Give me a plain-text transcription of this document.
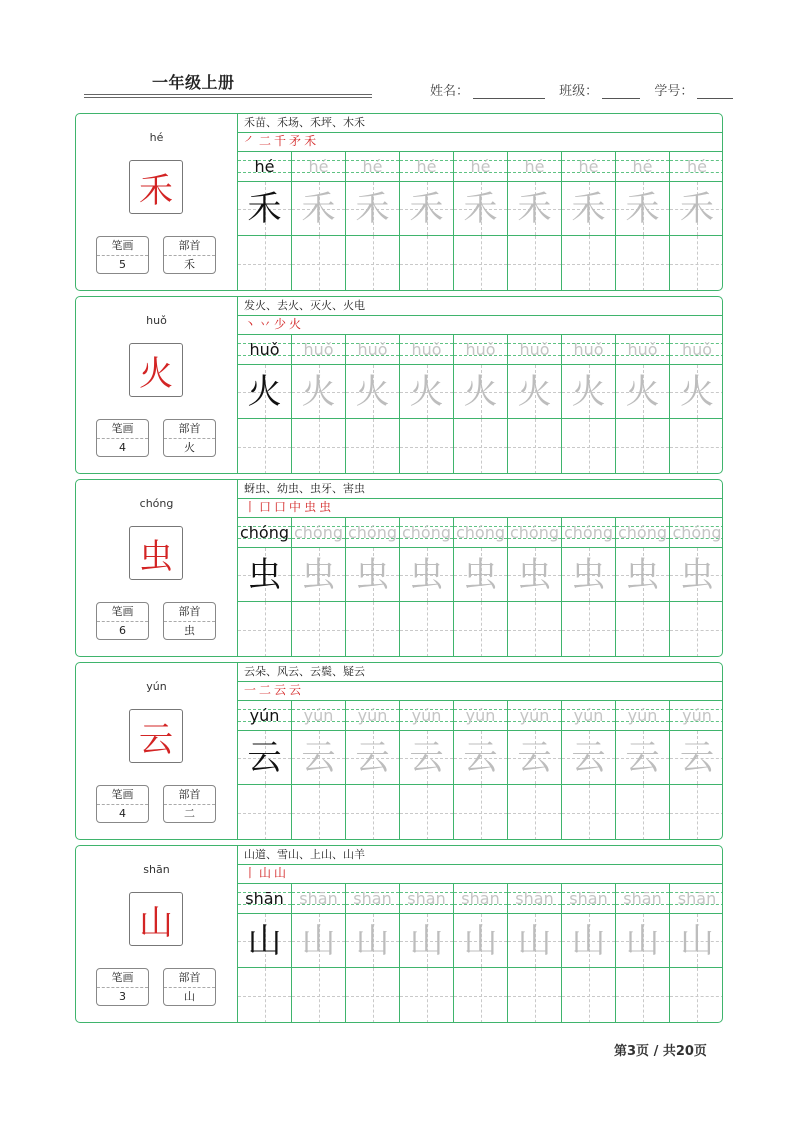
一年级上册	姓名：	班级：	学号：
hé
禾
笔画
5
部首
禾
禾苗、禾场、禾坪、木禾
㇒ 二 千 矛 禾
hé
禾
hé
禾
hé
禾
hé
禾
hé
禾
hé
禾
hé
禾
hé
禾
hé
禾
huǒ
火
笔画
4
部首
火
发火、去火、灭火、火电
丶 丷 少 火
huǒ
火
huǒ
火
huǒ
火
huǒ
火
huǒ
火
huǒ
火
huǒ
火
huǒ
火
huǒ
火
chóng
虫
笔画
6
部首
虫
蚜虫、幼虫、虫牙、害虫
丨 口 口 中 虫 虫
chóng
虫
chóng
虫
chóng
虫
chóng
虫
chóng
虫
chóng
虫
chóng
虫
chóng
虫
chóng
虫
yún
云
笔画
4
部首
二
云朵、风云、云鬓、疑云
一 二 云 云
yún
云
yún
云
yún
云
yún
云
yún
云
yún
云
yún
云
yún
云
yún
云
shān
山
笔画
3
部首
山
山道、雪山、上山、山羊
丨 山 山
shān
山
shān
山
shān
山
shān
山
shān
山
shān
山
shān
山
shān
山
shān
山
第3页 / 共20页
